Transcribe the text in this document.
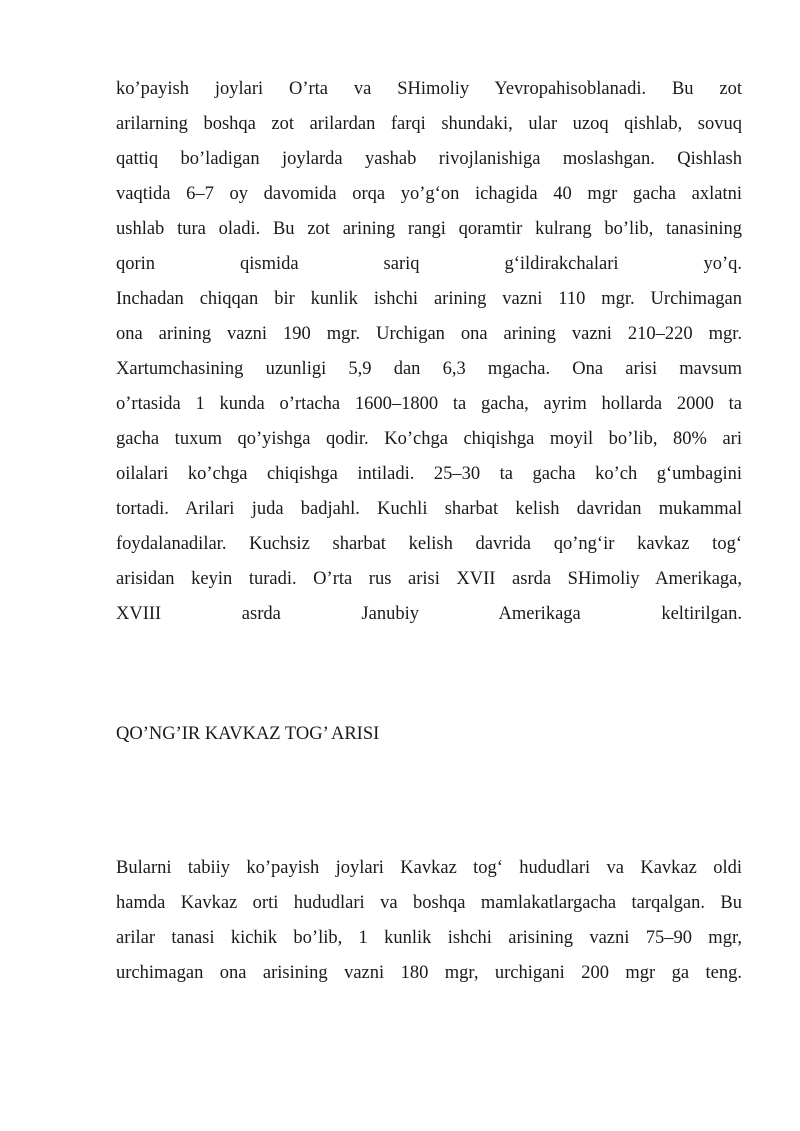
ko’payish joylari O’rta va SHimoliy Yevropahisoblanadi. Bu zot
arilarning boshqa zot arilardan farqi shundaki, ular uzoq qishlab, sovuq
qattiq bo’ladigan joylarda yashab rivojlanishiga moslashgan. Qishlash
vaqtida 6–7 oy davomida orqa yo’g‘on ichagida 40 mgr gacha axlatni
ushlab tura oladi. Bu zot arining rangi qoramtir kulrang bo’lib, tanasining
qorin qismida sariq g‘ildirakchalari yo’q.
Inchadan chiqqan bir kunlik ishchi arining vazni 110 mgr. Urchimagan
ona arining vazni 190 mgr. Urchigan ona arining vazni 210–220 mgr.
Xartumchasining uzunligi 5,9 dan 6,3 mgacha. Ona arisi mavsum
o’rtasida 1 kunda o’rtacha 1600–1800 ta gacha, ayrim hollarda 2000 ta
gacha tuxum qo’yishga qodir. Ko’chga chiqishga moyil bo’lib, 80% ari
oilalari ko’chga chiqishga intiladi. 25–30 ta gacha ko’ch g‘umbagini
tortadi. Arilari juda badjahl. Kuchli sharbat kelish davridan mukammal
foydalanadilar. Kuchsiz sharbat kelish davrida qo’ng‘ir kavkaz tog‘
arisidan keyin turadi. O’rta rus arisi XVII asrda SHimoliy Amerikaga,
XVIII asrda Janubiy Amerikaga keltirilgan.
QO’NG’IR KAVKAZ TOG’ ARISI
Bularni tabiiy ko’payish joylari Kavkaz tog‘ hududlari va Kavkaz oldi
hamda Kavkaz orti hududlari va boshqa mamlakatlargacha tarqalgan. Bu
arilar tanasi kichik bo’lib, 1 kunlik ishchi arisining vazni 75–90 mgr,
urchimagan ona arisining vazni 180 mgr, urchigani 200 mgr ga teng.
